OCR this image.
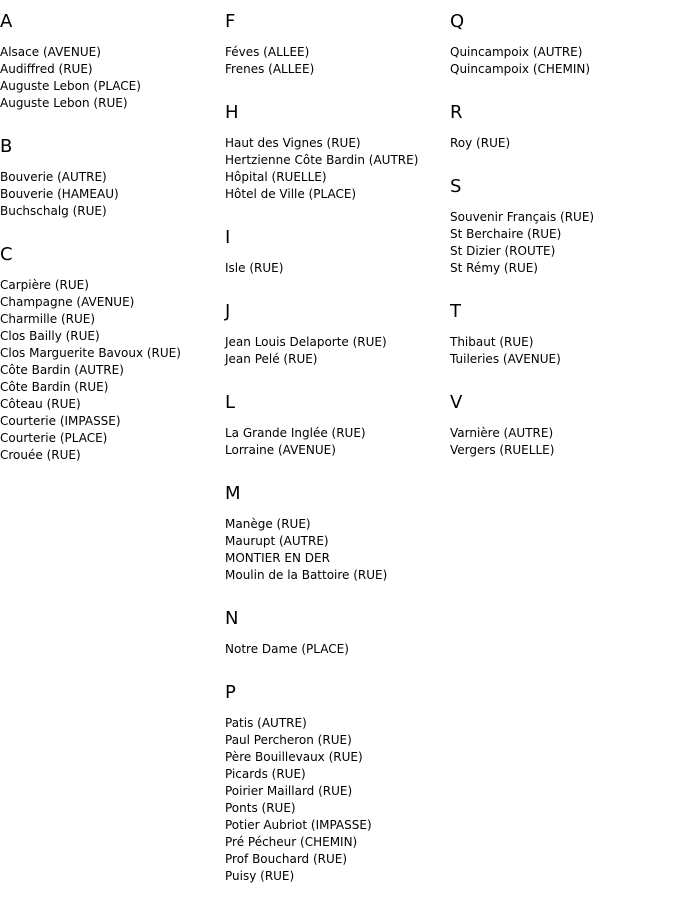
A
Alsace (AVENUE)
Audiffred (RUE)
Auguste Lebon (PLACE)
Auguste Lebon (RUE)
B
Bouverie (AUTRE)
Bouverie (HAMEAU)
Buchschalg (RUE)
C
Carpière (RUE)
Champagne (AVENUE)
Charmille (RUE)
Clos Bailly (RUE)
Clos Marguerite Bavoux (RUE)
Côte Bardin (AUTRE)
Côte Bardin (RUE)
Côteau (RUE)
Courterie (IMPASSE)
Courterie (PLACE)
Crouée (RUE)
F
Féves (ALLEE)
Frenes (ALLEE)
H
Haut des Vignes (RUE)
Hertzienne Côte Bardin (AUTRE)
Hôpital (RUELLE)
Hôtel de Ville (PLACE)
I
Isle (RUE)
J
Jean Louis Delaporte (RUE)
Jean Pelé (RUE)
L
La Grande Inglée (RUE)
Lorraine (AVENUE)
M
Manège (RUE)
Maurupt (AUTRE)
MONTIER EN DER
Moulin de la Battoire (RUE)
N
Notre Dame (PLACE)
P
Patis (AUTRE)
Paul Percheron (RUE)
Père Bouillevaux (RUE)
Picards (RUE)
Poirier Maillard (RUE)
Ponts (RUE)
Potier Aubriot (IMPASSE)
Pré Pécheur (CHEMIN)
Prof Bouchard (RUE)
Puisy (RUE)
Q
Quincampoix (AUTRE)
Quincampoix (CHEMIN)
R
Roy (RUE)
S
Souvenir Français (RUE)
St Berchaire (RUE)
St Dizier (ROUTE)
St Rémy (RUE)
T
Thibaut (RUE)
Tuileries (AVENUE)
V
Varnière (AUTRE)
Vergers (RUELLE)
